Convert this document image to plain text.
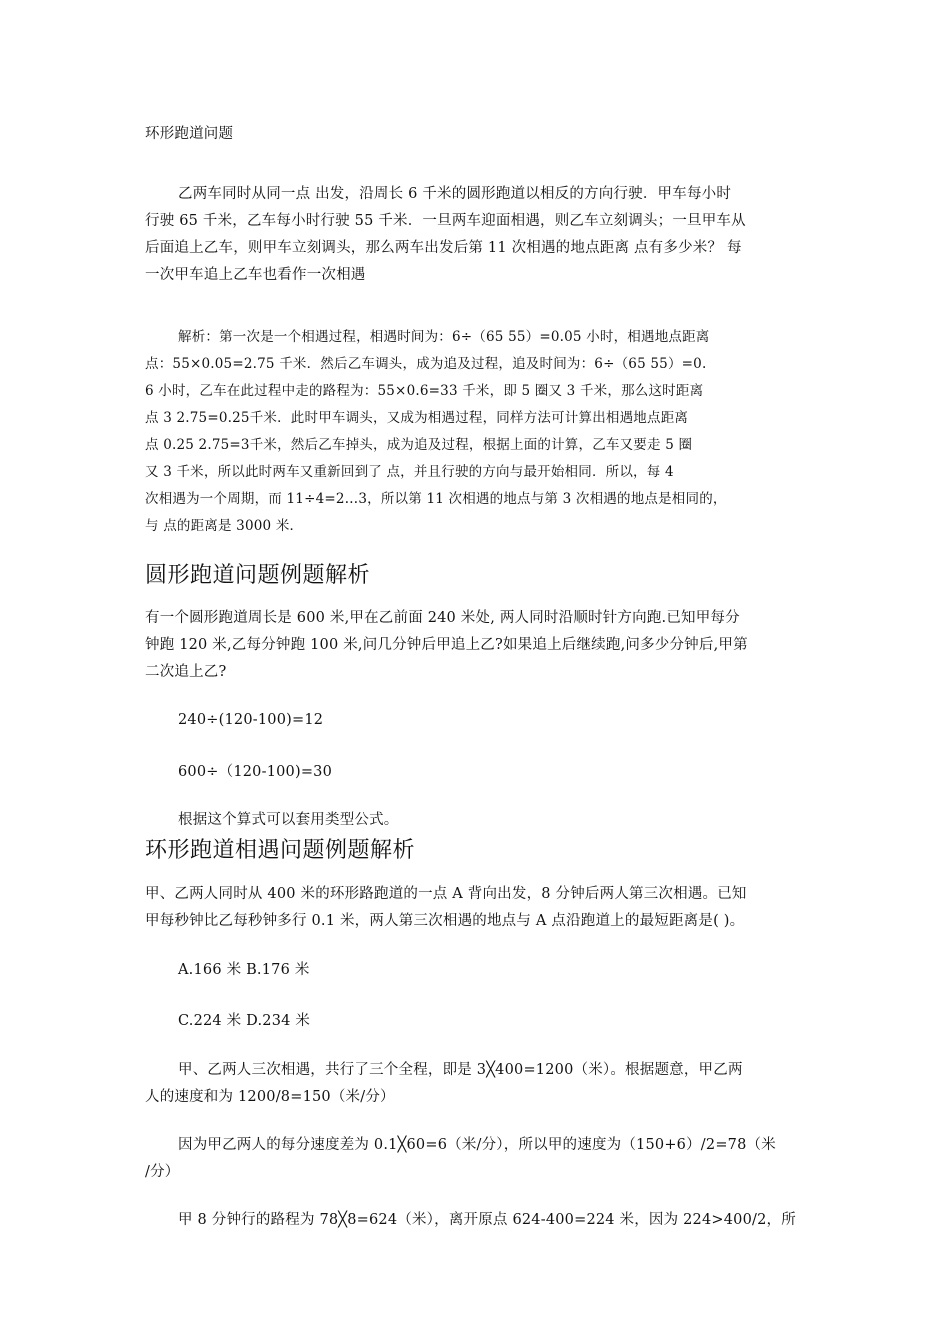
环形跑道问题
乙两车同时从同一点 出发，沿周长 6 千米的圆形跑道以相反的方向行驶．甲车每小时
行驶 65 千米，乙车每小时行驶 55 千米．一旦两车迎面相遇，则乙车立刻调头；一旦甲车从
后面追上乙车，则甲车立刻调头，那么两车出发后第 11 次相遇的地点距离 点有多少米？ 每
一次甲车追上乙车也看作一次相遇
解析：第一次是一个相遇过程，相遇时间为：6÷（65 55）=0.05 小时，相遇地点距离
点：55×0.05=2.75 千米．然后乙车调头，成为追及过程，追及时间为：6÷（65 55）=0.
6 小时，乙车在此过程中走的路程为：55×0.6=33 千米，即 5 圈又 3 千米，那么这时距离
点 3 2.75=0.25千米．此时甲车调头，又成为相遇过程，同样方法可计算出相遇地点距离
点 0.25 2.75=3千米，然后乙车掉头，成为追及过程，根据上面的计算，乙车又要走 5 圈
又 3 千米，所以此时两车又重新回到了 点，并且行驶的方向与最开始相同．所以，每 4
次相遇为一个周期，而 11÷4=2…3，所以第 11 次相遇的地点与第 3 次相遇的地点是相同的，
与 点的距离是 3000 米．
圆形跑道问题例题解析
有一个圆形跑道周长是 600 米,甲在乙前面 240 米处, 两人同时沿顺时针方向跑.已知甲每分
钟跑 120 米,乙每分钟跑 100 米,问几分钟后甲追上乙?如果追上后继续跑,问多少分钟后,甲第
二次追上乙?
240÷(120-100)=12
600÷（120-100)=30
根据这个算式可以套用类型公式。
环形跑道相遇问题例题解析
甲、乙两人同时从 400 米的环形路跑道的一点 A 背向出发，8 分钟后两人第三次相遇。已知
甲每秒钟比乙每秒钟多行 0.1 米，两人第三次相遇的地点与 A 点沿跑道上的最短距离是( )。
A.166 米 B.176 米
C.224 米 D.234 米
甲、乙两人三次相遇，共行了三个全程，即是 3╳400=1200（米）。根据题意，甲乙两
人的速度和为 1200/8=150（米/分）
因为甲乙两人的每分速度差为 0.1╳60=6（米/分），所以甲的速度为（150+6）/2=78（米
/分）
甲 8 分钟行的路程为 78╳8=624（米），离开原点 624-400=224 米，因为 224>400/2，所
